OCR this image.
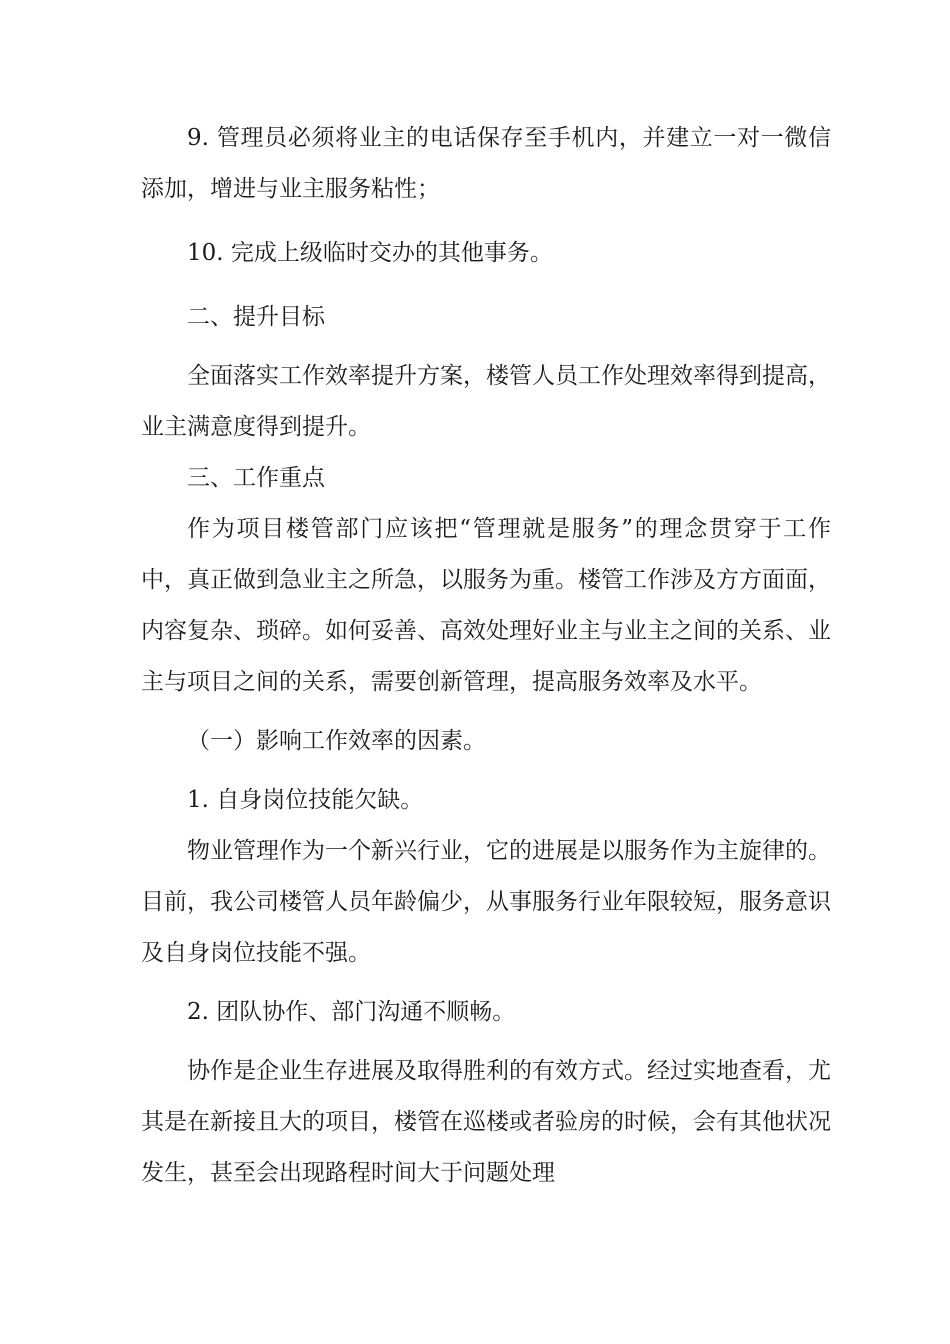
9. 管理员必须将业主的电话保存至手机内，并建立一对一微信添加，增进与业主服务粘性；

10. 完成上级临时交办的其他事务。

二、提升目标

全面落实工作效率提升方案，楼管人员工作处理效率得到提高，业主满意度得到提升。

三、工作重点

作为项目楼管部门应该把“管理就是服务”的理念贯穿于工作中，真正做到急业主之所急，以服务为重。楼管工作涉及方方面面，内容复杂、琐碎。如何妥善、高效处理好业主与业主之间的关系、业主与项目之间的关系，需要创新管理，提高服务效率及水平。

（一）影响工作效率的因素。

1. 自身岗位技能欠缺。

物业管理作为一个新兴行业，它的进展是以服务作为主旋律的。目前，我公司楼管人员年龄偏少，从事服务行业年限较短，服务意识及自身岗位技能不强。

2. 团队协作、部门沟通不顺畅。

协作是企业生存进展及取得胜利的有效方式。经过实地查看，尤其是在新接且大的项目，楼管在巡楼或者验房的时候，会有其他状况发生，甚至会出现路程时间大于问题处理
